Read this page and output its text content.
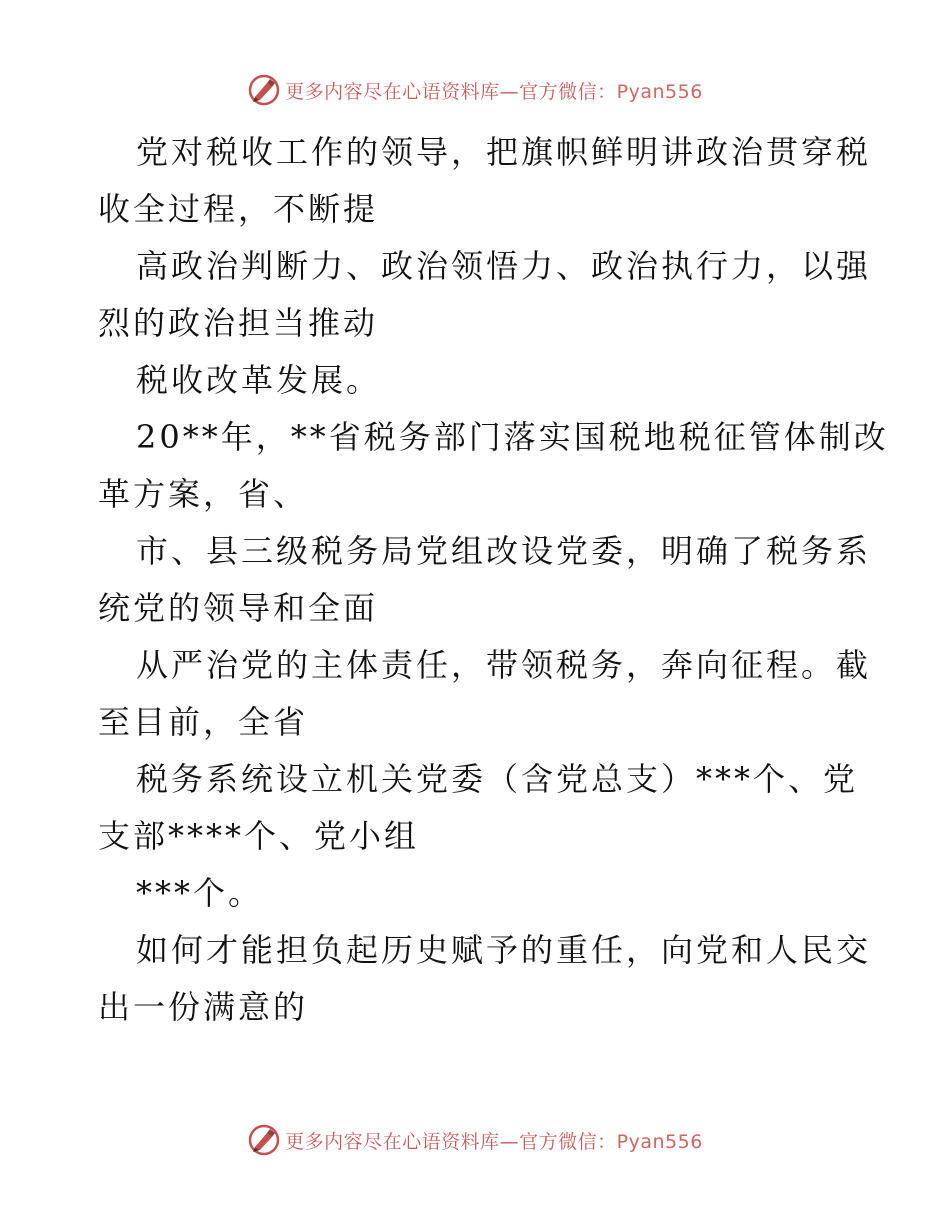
更多内容尽在心语资料库—官方微信：Pyan556

党对税收工作的领导，把旗帜鲜明讲政治贯穿税
收全过程，不断提

高政治判断力、政治领悟力、政治执行力，以强
烈的政治担当推动

税收改革发展。

20**年，**省税务部门落实国税地税征管体制改
革方案，省、

市、县三级税务局党组改设党委，明确了税务系
统党的领导和全面

从严治党的主体责任，带领税务，奔向征程。截
至目前，全省

税务系统设立机关党委（含党总支）***个、党
支部****个、党小组

***个。

如何才能担负起历史赋予的重任，向党和人民交
出一份满意的

更多内容尽在心语资料库—官方微信：Pyan556
